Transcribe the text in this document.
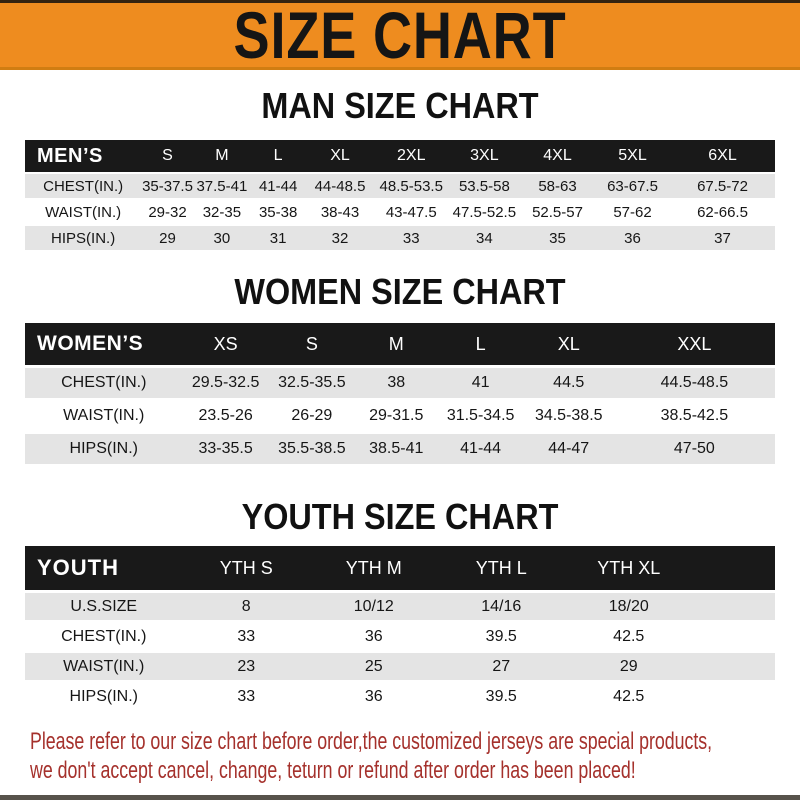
SIZE CHART
MAN SIZE CHART
MEN’S	S	M	L	XL	2XL	3XL	4XL	5XL	6XL
CHEST(IN.)	35-37.5	37.5-41	41-44	44-48.5	48.5-53.5	53.5-58	58-63	63-67.5	67.5-72
WAIST(IN.)	29-32	32-35	35-38	38-43	43-47.5	47.5-52.5	52.5-57	57-62	62-66.5
HIPS(IN.)	29	30	31	32	33	34	35	36	37
WOMEN SIZE CHART
WOMEN’S	XS	S	M	L	XL	XXL
CHEST(IN.)	29.5-32.5	32.5-35.5	38	41	44.5	44.5-48.5
WAIST(IN.)	23.5-26	26-29	29-31.5	31.5-34.5	34.5-38.5	38.5-42.5
HIPS(IN.)	33-35.5	35.5-38.5	38.5-41	41-44	44-47	47-50
YOUTH SIZE CHART
YOUTH	YTH S	YTH M	YTH L	YTH XL	
U.S.SIZE	8	10/12	14/16	18/20	
CHEST(IN.)	33	36	39.5	42.5	
WAIST(IN.)	23	25	27	29	
HIPS(IN.)	33	36	39.5	42.5	
Please refer to our size chart before order,the customized jerseys are special products,
we don't accept cancel, change, teturn or refund after order has been placed!
